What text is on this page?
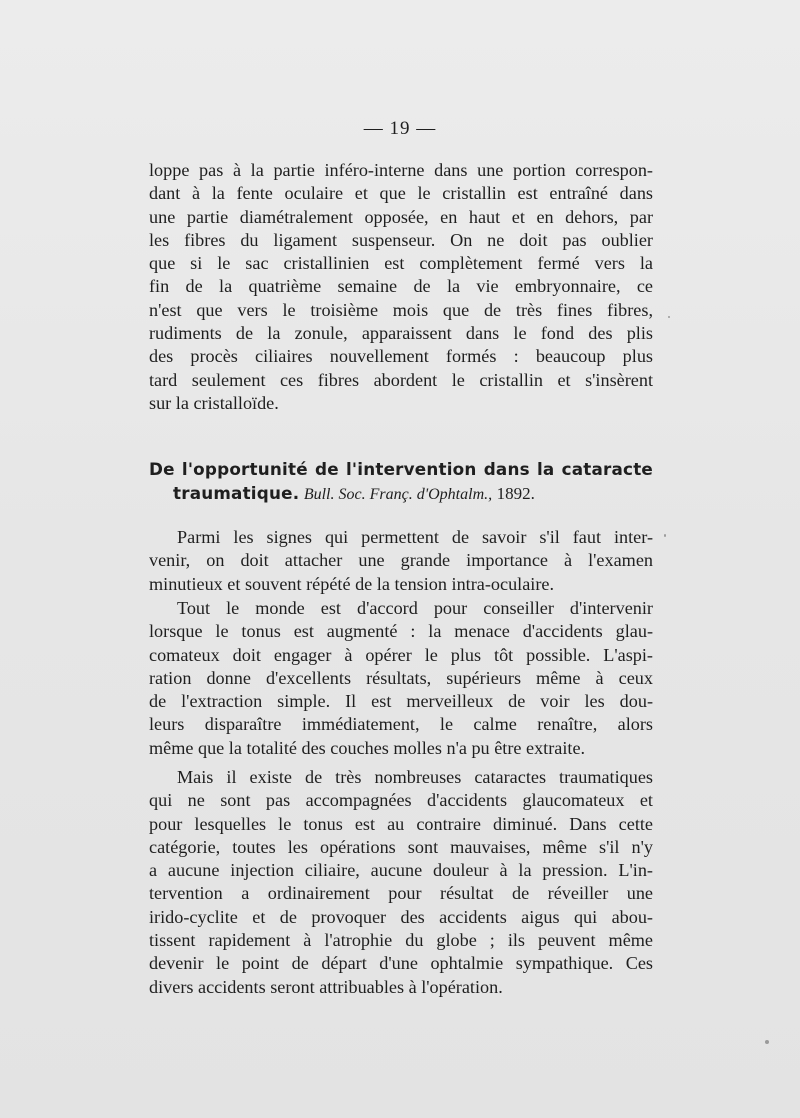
— 19 —
loppe pas à la partie inféro-interne dans une portion correspon-
dant à la fente oculaire et que le cristallin est entraîné dans
une partie diamétralement opposée, en haut et en dehors, par
les fibres du ligament suspenseur. On ne doit pas oublier
que si le sac cristallinien est complètement fermé vers la
fin de la quatrième semaine de la vie embryonnaire, ce
n'est que vers le troisième mois que de très fines fibres,
rudiments de la zonule, apparaissent dans le fond des plis
des procès ciliaires nouvellement formés : beaucoup plus
tard seulement ces fibres abordent le cristallin et s'insèrent
sur la cristalloïde.
De l'opportunité de l'intervention dans la cataracte
traumatique. Bull. Soc. Franç. d'Ophtalm., 1892.
Parmi les signes qui permettent de savoir s'il faut inter-
venir, on doit attacher une grande importance à l'examen
minutieux et souvent répété de la tension intra-oculaire.
Tout le monde est d'accord pour conseiller d'intervenir
lorsque le tonus est augmenté : la menace d'accidents glau-
comateux doit engager à opérer le plus tôt possible. L'aspi-
ration donne d'excellents résultats, supérieurs même à ceux
de l'extraction simple. Il est merveilleux de voir les dou-
leurs disparaître immédiatement, le calme renaître, alors
même que la totalité des couches molles n'a pu être extraite.
Mais il existe de très nombreuses cataractes traumatiques
qui ne sont pas accompagnées d'accidents glaucomateux et
pour lesquelles le tonus est au contraire diminué. Dans cette
catégorie, toutes les opérations sont mauvaises, même s'il n'y
a aucune injection ciliaire, aucune douleur à la pression. L'in-
tervention a ordinairement pour résultat de réveiller une
irido-cyclite et de provoquer des accidents aigus qui abou-
tissent rapidement à l'atrophie du globe ; ils peuvent même
devenir le point de départ d'une ophtalmie sympathique. Ces
divers accidents seront attribuables à l'opération.
